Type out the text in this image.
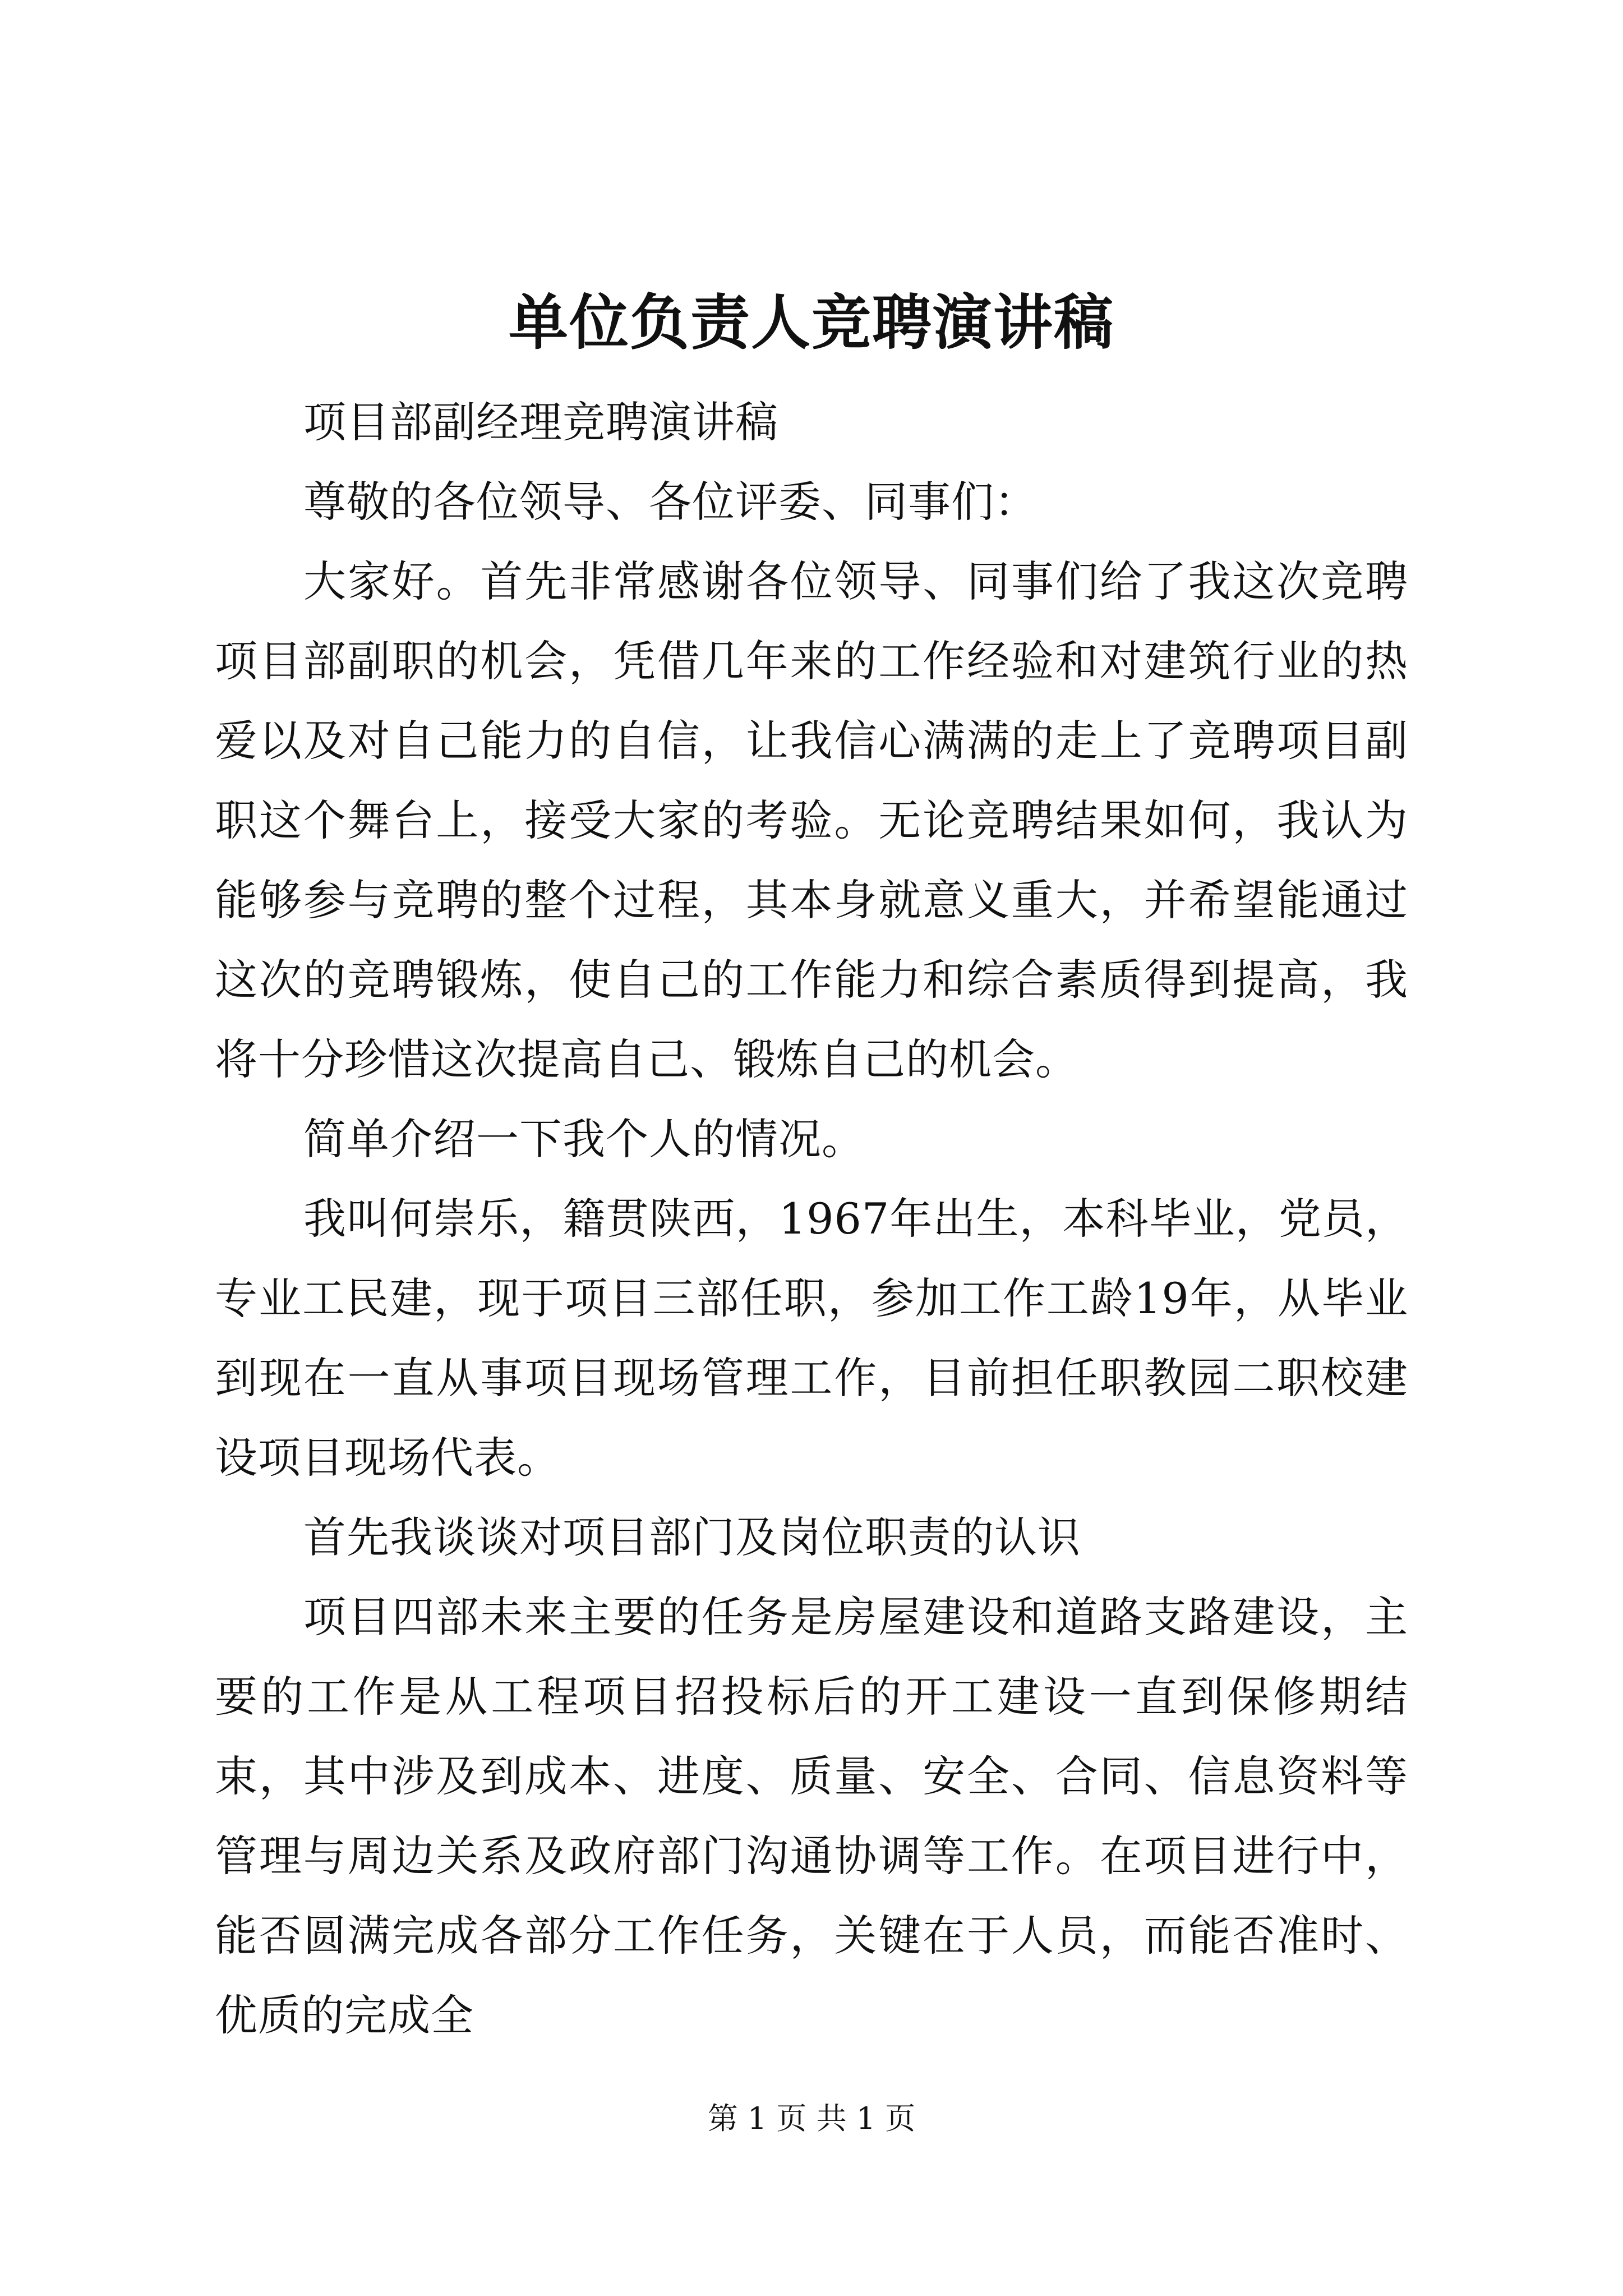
单位负责人竞聘演讲稿

项目部副经理竞聘演讲稿

尊敬的各位领导、各位评委、同事们：

大家好。首先非常感谢各位领导、同事们给了我这次竞聘项目部副职的机会，凭借几年来的工作经验和对建筑行业的热爱以及对自己能力的自信，让我信心满满的走上了竞聘项目副职这个舞台上，接受大家的考验。无论竞聘结果如何，我认为能够参与竞聘的整个过程，其本身就意义重大，并希望能通过这次的竞聘锻炼，使自己的工作能力和综合素质得到提高，我将十分珍惜这次提高自己、锻炼自己的机会。

简单介绍一下我个人的情况。

我叫何崇乐，籍贯陕西，1967年出生，本科毕业，党员，专业工民建，现于项目三部任职，参加工作工龄19年，从毕业到现在一直从事项目现场管理工作，目前担任职教园二职校建设项目现场代表。

首先我谈谈对项目部门及岗位职责的认识

项目四部未来主要的任务是房屋建设和道路支路建设，主要的工作是从工程项目招投标后的开工建设一直到保修期结束，其中涉及到成本、进度、质量、安全、合同、信息资料等管理与周边关系及政府部门沟通协调等工作。在项目进行中，能否圆满完成各部分工作任务，关键在于人员，而能否准时、优质的完成全

第 1 页 共 1 页
